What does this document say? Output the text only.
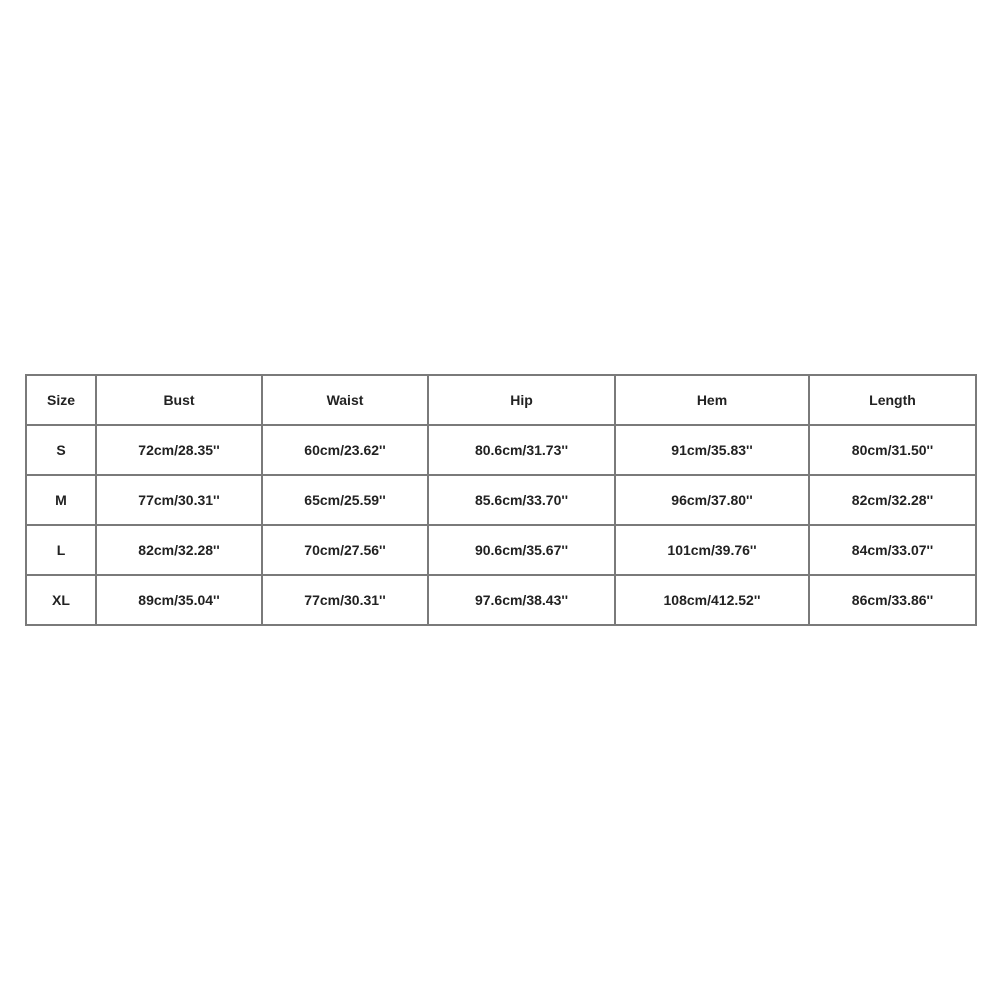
Size	Bust	Waist	Hip	Hem	Length
S	72cm/28.35''	60cm/23.62''	80.6cm/31.73''	91cm/35.83''	80cm/31.50''
M	77cm/30.31''	65cm/25.59''	85.6cm/33.70''	96cm/37.80''	82cm/32.28''
L	82cm/32.28''	70cm/27.56''	90.6cm/35.67''	101cm/39.76''	84cm/33.07''
XL	89cm/35.04''	77cm/30.31''	97.6cm/38.43''	108cm/412.52''	86cm/33.86''
